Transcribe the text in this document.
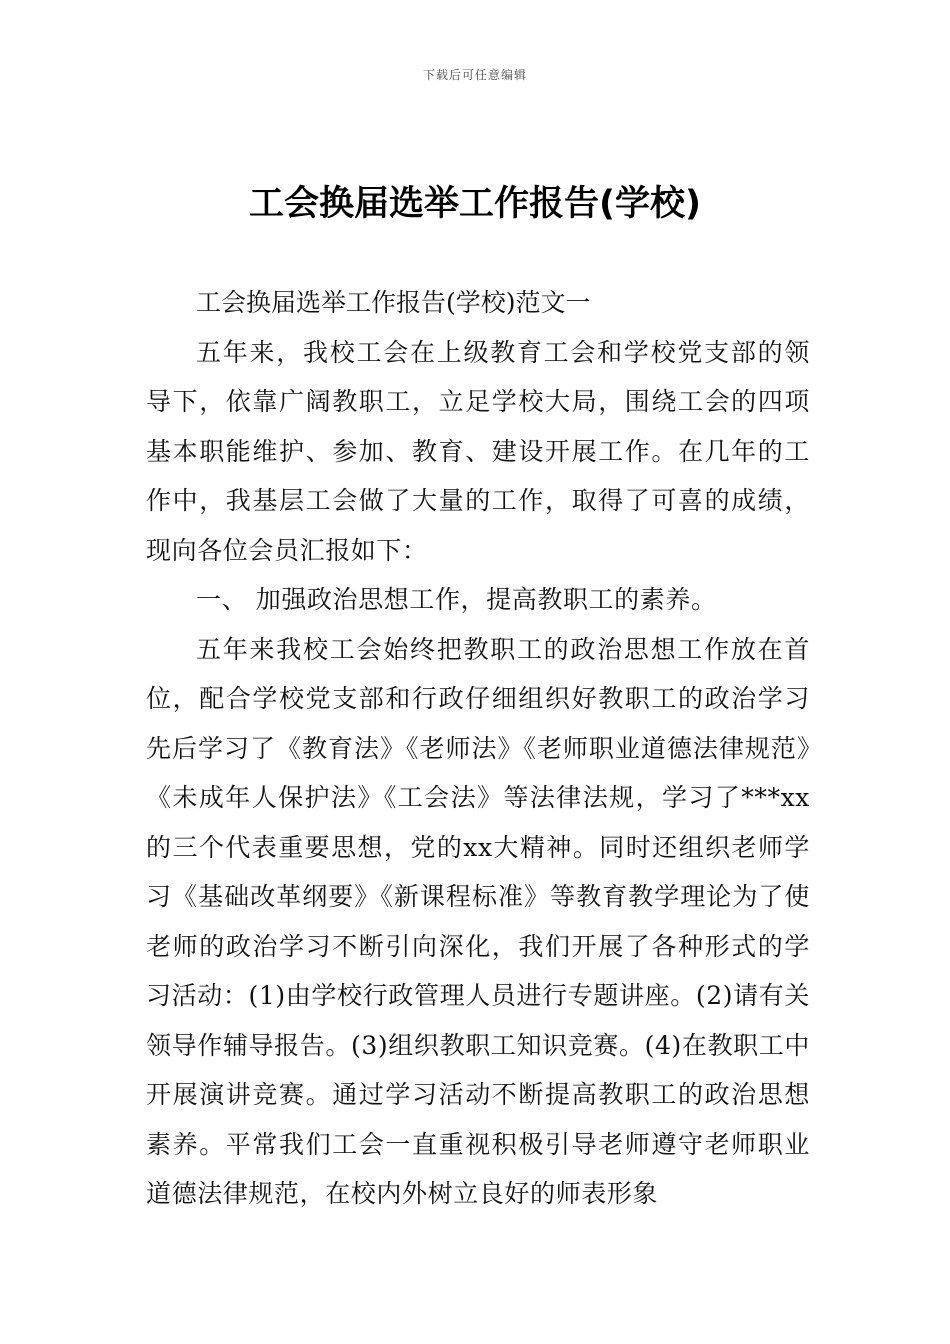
下载后可任意编辑
工会换届选举工作报告(学校)

工会换届选举工作报告(学校)范文一

五年来，我校工会在上级教育工会和学校党支部的领导下，依靠广阔教职工，立足学校大局，围绕工会的四项基本职能维护、参加、教育、建设开展工作。在几年的工作中，我基层工会做了大量的工作，取得了可喜的成绩，现向各位会员汇报如下：

一、 加强政治思想工作，提高教职工的素养。

五年来我校工会始终把教职工的政治思想工作放在首位，配合学校党支部和行政仔细组织好教职工的政治学习先后学习了《教育法》《老师法》《老师职业道德法律规范》《未成年人保护法》《工会法》等法律法规，学习了***xx的三个代表重要思想，党的xx大精神。同时还组织老师学习《基础改革纲要》《新课程标准》等教育教学理论为了使老师的政治学习不断引向深化，我们开展了各种形式的学习活动：(1)由学校行政管理人员进行专题讲座。(2)请有关领导作辅导报告。(3)组织教职工知识竞赛。(4)在教职工中开展演讲竞赛。通过学习活动不断提高教职工的政治思想素养。平常我们工会一直重视积极引导老师遵守老师职业道德法律规范，在校内外树立良好的师表形象
